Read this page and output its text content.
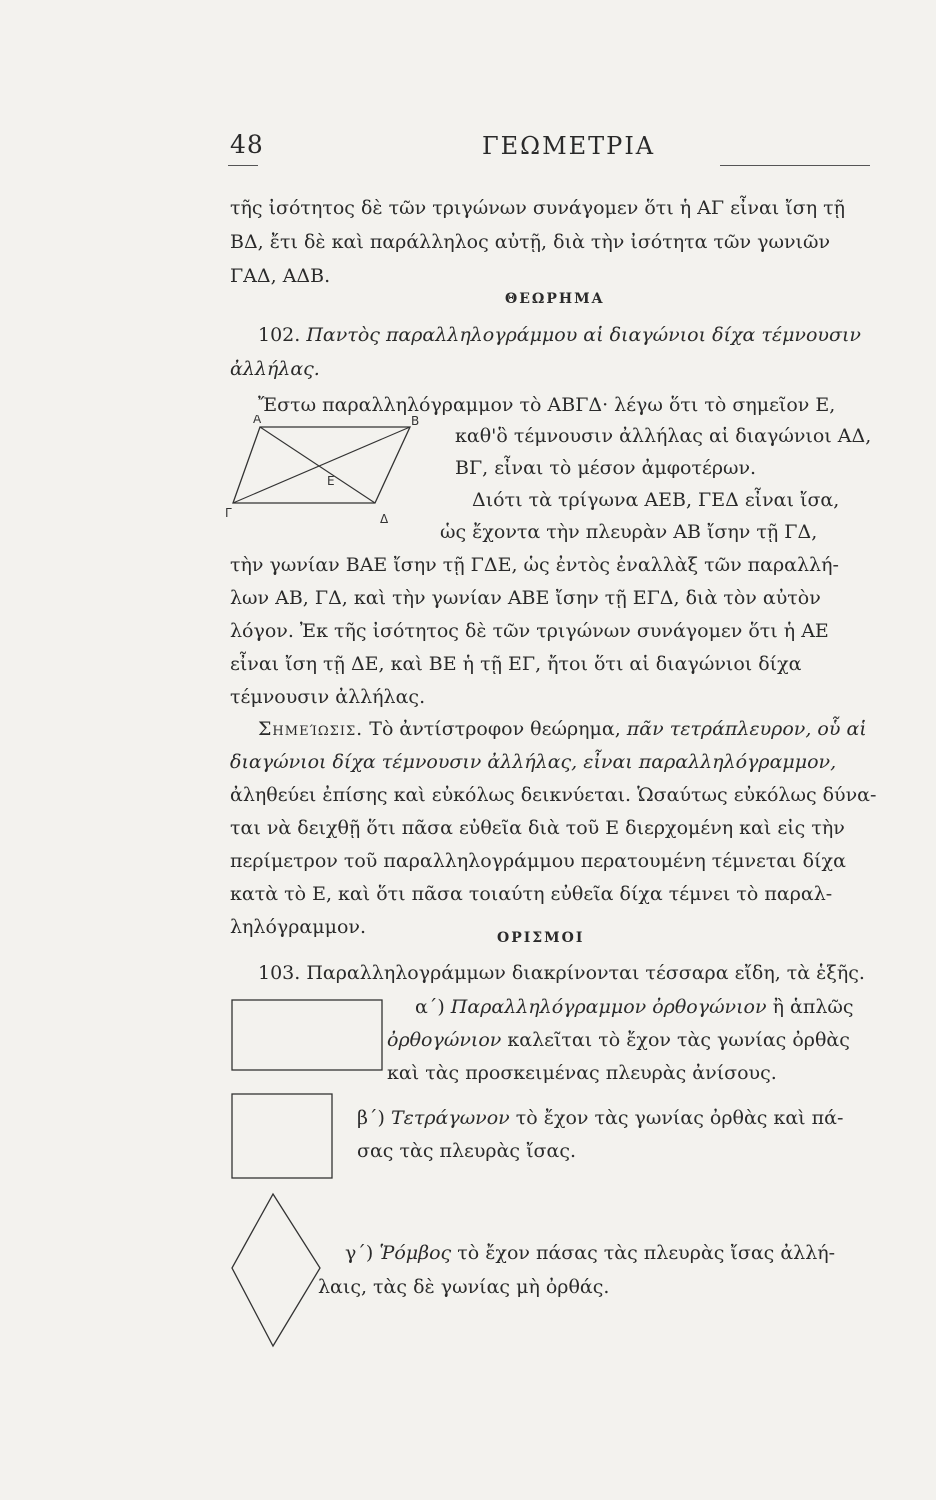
48	ΓΕΩΜΕΤΡΙΑ
τῆς ἰσότητος δὲ τῶν τριγώνων συνάγομεν ὅτι ἡ ΑΓ εἶναι ἴση τῇ
ΒΔ, ἔτι δὲ καὶ παράλληλος αὐτῇ, διὰ τὴν ἰσότητα τῶν γωνιῶν
ΓΑΔ, ΑΔΒ.
ΘΕΩΡΗΜΑ
102. Παντὸς παραλληλογράμμου αἱ διαγώνιοι δίχα τέμνουσιν
ἀλλήλας.
Ἔστω παραλληλόγραμμον τὸ ΑΒΓΔ· λέγω ὅτι τὸ σημεῖον Ε,
Α	Β
Γ	Δ
Ε
καθ'ὃ τέμνουσιν ἀλλήλας αἱ διαγώνιοι ΑΔ,
ΒΓ, εἶναι τὸ μέσον ἀμφοτέρων.
Διότι τὰ τρίγωνα ΑΕΒ, ΓΕΔ εἶναι ἴσα,
ὡς ἔχοντα τὴν πλευρὰν ΑΒ ἴσην τῇ ΓΔ,
τὴν γωνίαν ΒΑΕ ἴσην τῇ ΓΔΕ, ὡς ἐντὸς ἐναλλὰξ τῶν παραλλή-
λων ΑΒ, ΓΔ, καὶ τὴν γωνίαν ΑΒΕ ἴσην τῇ ΕΓΔ, διὰ τὸν αὐτὸν
λόγον. Ἐκ τῆς ἰσότητος δὲ τῶν τριγώνων συνάγομεν ὅτι ἡ ΑΕ
εἶναι ἴση τῇ ΔΕ, καὶ ΒΕ ἡ τῇ ΕΓ, ἤτοι ὅτι αἱ διαγώνιοι δίχα
τέμνουσιν ἀλλήλας.
Σημείωσις. Τὸ ἀντίστροφον θεώρημα, πᾶν τετράπλευρον, οὗ αἱ
διαγώνιοι δίχα τέμνουσιν ἀλλήλας, εἶναι παραλληλόγραμμον,
ἀληθεύει ἐπίσης καὶ εὐκόλως δεικνύεται. Ὡσαύτως εὐκόλως δύνα-
ται νὰ δειχθῇ ὅτι πᾶσα εὐθεῖα διὰ τοῦ Ε διερχομένη καὶ εἰς τὴν
περίμετρον τοῦ παραλληλογράμμου περατουμένη τέμνεται δίχα
κατὰ τὸ Ε, καὶ ὅτι πᾶσα τοιαύτη εὐθεῖα δίχα τέμνει τὸ παραλ-
ληλόγραμμον.	ΟΡΙΣΜΟΙ
103. Παραλληλογράμμων διακρίνονται τέσσαρα εἴδη, τὰ ἑξῆς.
α΄) Παραλληλόγραμμον ὀρθογώνιον ἢ ἁπλῶς
ὀρθογώνιον καλεῖται τὸ ἔχον τὰς γωνίας ὀρθὰς
καὶ τὰς προσκειμένας πλευρὰς ἀνίσους.
β΄) Τετράγωνον τὸ ἔχον τὰς γωνίας ὀρθὰς καὶ πά-
σας τὰς πλευρὰς ἴσας.
γ΄) Ῥόμβος τὸ ἔχον πάσας τὰς πλευρὰς ἴσας ἀλλή-
λαις, τὰς δὲ γωνίας μὴ ὀρθάς.
